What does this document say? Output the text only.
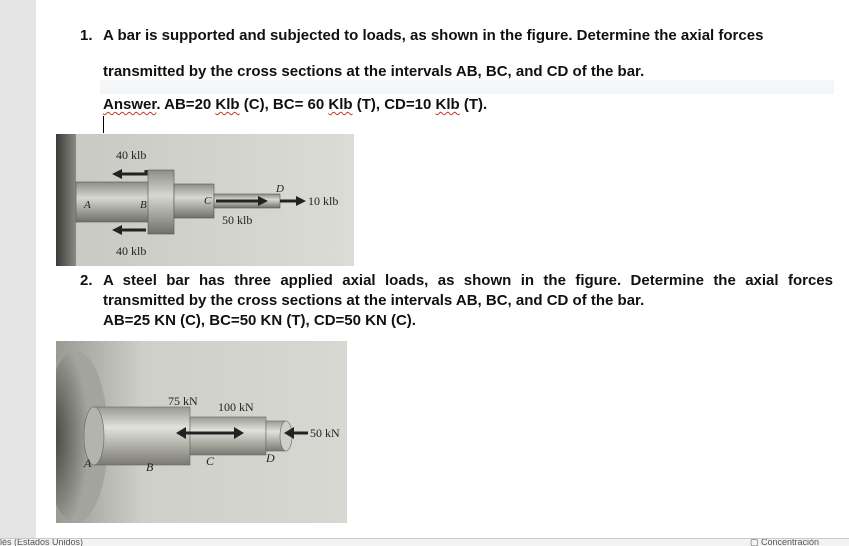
1. A bar is supported and subjected to loads, as shown in the figure. Determine the axial forces
transmitted by the cross sections at the intervals AB, BC, and CD of the bar.
Answer. AB=20 Klb (C), BC= 60 Klb (T), CD=10 Klb (T).
40 klb
40 klb
50 klb
10 klb
A	B	C
D
2. A steel bar has three applied axial loads, as shown in the figure. Determine the axial forces
transmitted by the cross sections at the intervals AB, BC, and CD of the bar.
AB=25 KN (C), BC=50 KN (T), CD=50 KN (C).
75 kN 100 kN
50 kN
A	B	C	D
lés (Estados Unidos)	▢ Concentración
